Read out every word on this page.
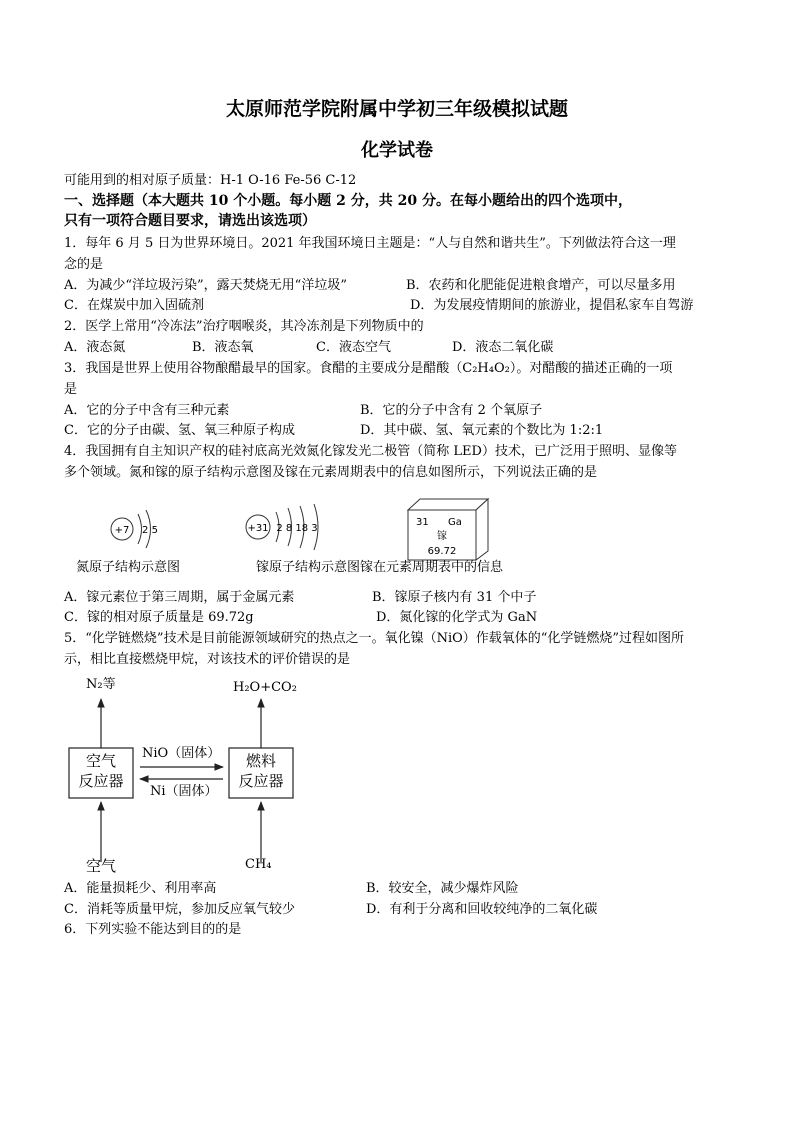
太原师范学院附属中学初三年级模拟试题
化学试卷
可能用到的相对原子质量：H-1 O-16 Fe-56 C-12
一、选择题（本大题共 10 个小题。每小题 2 分，共 20 分。在每小题给出的四个选项中，
只有一项符合题目要求，请选出该选项）
1．每年 6 月 5 日为世界环境日。2021 年我国环境日主题是：“人与自然和谐共生”。下列做法符合这一理
念的是
A．为减少“洋垃圾污染”，露天焚烧无用“洋垃圾”	B．农药和化肥能促进粮食增产，可以尽量多用
C．在煤炭中加入固硫剂	D．为发展疫情期间的旅游业，提倡私家车自驾游
2．医学上常用“冷冻法”治疗咽喉炎，其冷冻剂是下列物质中的
A．液态氮	B．液态氧	C．液态空气	D．液态二氧化碳
3．我国是世界上使用谷物酿醋最早的国家。食醋的主要成分是醋酸（C₂H₄O₂）。对醋酸的描述正确的一项
是
A．它的分子中含有三种元素	B．它的分子中含有 2 个氧原子
C．它的分子由碳、氢、氧三种原子构成	D．其中碳、氢、氧元素的个数比为 1:2:1
4．我国拥有自主知识产权的硅衬底高光效氮化镓发光二极管（简称 LED）技术，已广泛用于照明、显像等
多个领域。氮和镓的原子结构示意图及镓在元素周期表中的信息如图所示，下列说法正确的是
+7 2 5
氮原子结构示意图
+31 2 8 18 3
镓原子结构示意图
31 Ga
镓
69.72
镓在元素周期表中的信息
A．镓元素位于第三周期，属于金属元素	B．镓原子核内有 31 个中子
C．镓的相对原子质量是 69.72g	D．氮化镓的化学式为 GaN
5．“化学链燃烧”技术是目前能源领域研究的热点之一。氧化镍（NiO）作载氧体的“化学链燃烧”过程如图所
示，相比直接燃烧甲烷，对该技术的评价错误的是
N₂等	H₂O+CO₂
空气
反应器
燃料
反应器
NiO（固体）
Ni（固体）
空气	CH₄
A．能量损耗少、利用率高	B．较安全，减少爆炸风险
C．消耗等质量甲烷，参加反应氧气较少	D．有利于分离和回收较纯净的二氧化碳
6．下列实验不能达到目的的是
